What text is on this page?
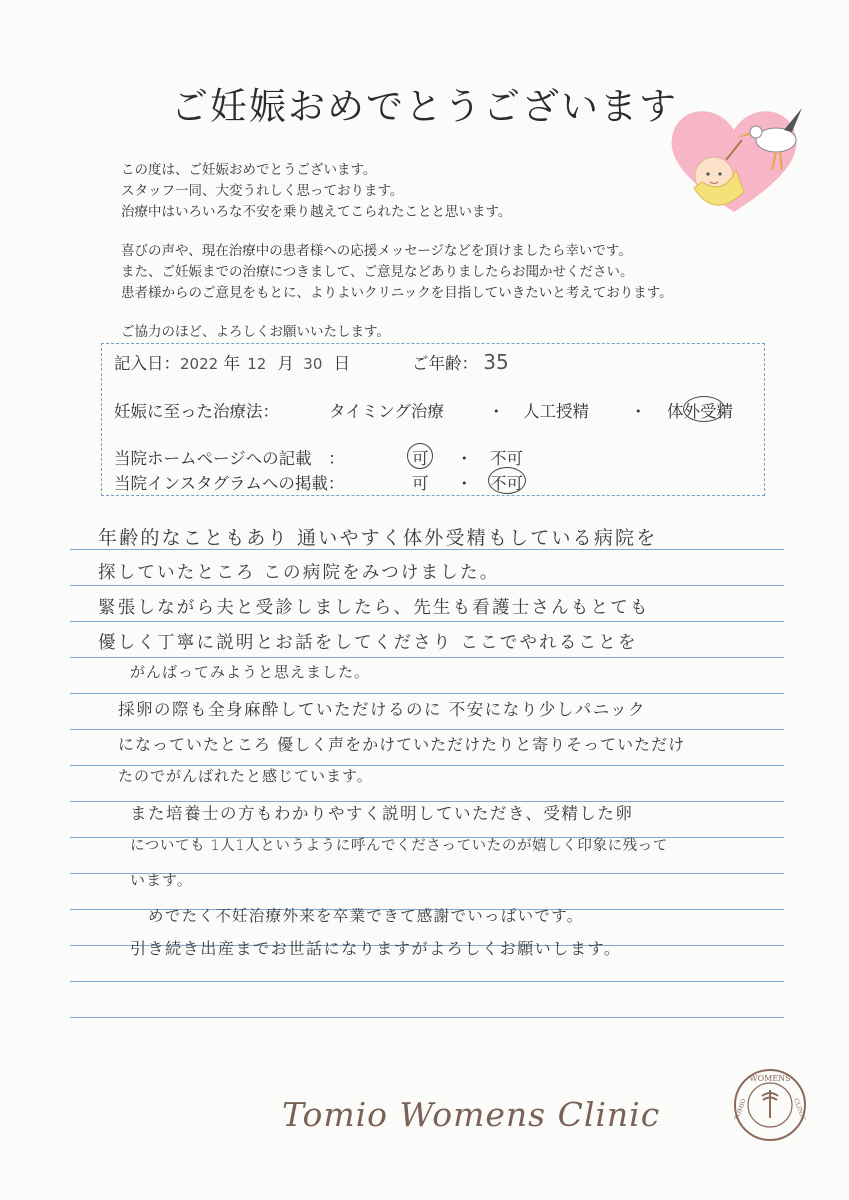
ご妊娠おめでとうございます

この度は、ご妊娠おめでとうございます。

スタッフ一同、大変うれしく思っております。

治療中はいろいろな不安を乗り越えてこられたことと思います。

喜びの声や、現在治療中の患者様への応援メッセージなどを頂けましたら幸いです。

また、ご妊娠までの治療につきまして、ご意見などありましたらお聞かせください。

患者様からのご意見をもとに、よりよいクリニックを目指していきたいと考えております。

ご協力のほど、よろしくお願いいたします。

記入日：2022 年 12 月 30 日	ご年齢： 35
妊娠に至った治療法：	タイミング治療	・ 人工授精 ・ 体外受精
当院ホームページへの記載　：	可 ・ 不可
当院インスタグラムへの掲載：	可 ・ 不可
年齢的なこともあり 通いやすく体外受精もしている病院を
探していたところ この病院をみつけました。
緊張しながら夫と受診しましたら、先生も看護士さんもとても
優しく丁寧に説明とお話をしてくださり ここでやれることを
がんばってみようと思えました。
採卵の際も全身麻酔していただけるのに 不安になり少しパニック
になっていたところ 優しく声をかけていただけたりと寄りそっていただけ
たのでがんばれたと感じています。
また培養士の方もわかりやすく説明していただき、受精した卵
についても 1人1人というように呼んでくださっていたのが嬉しく印象に残って
います。
めでたく不妊治療外来を卒業できて感謝でいっぱいです。
引き続き出産までお世話になりますがよろしくお願いします。
Tomio Womens Clinic
WOMENS
TOMIO	CLINIC
